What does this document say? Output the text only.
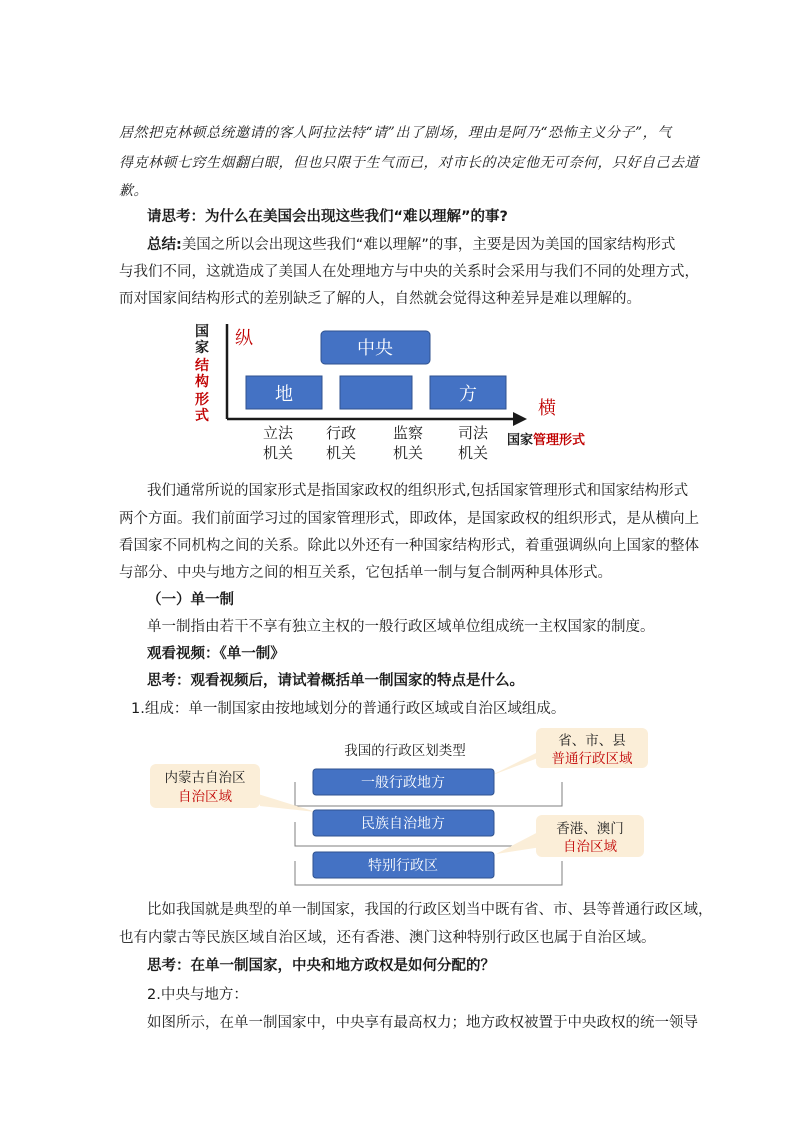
居然把克林顿总统邀请的客人阿拉法特“请”出了剧场，理由是阿乃“恐怖主义分子”，气
得克林顿七窍生烟翻白眼，但也只限于生气而已，对市长的决定他无可奈何，只好自己去道
歉。
请思考：为什么在美国会出现这些我们“难以理解”的事?
总结:美国之所以会出现这些我们“难以理解”的事，主要是因为美国的国家结构形式
与我们不同，这就造成了美国人在处理地方与中央的关系时会采用与我们不同的处理方式，
而对国家间结构形式的差别缺乏了解的人，自然就会觉得这种差异是难以理解的。
国
家
结
构
形
式
纵
横
中央
地	方
立法
机关
行政
机关
监察
机关
司法
机关
国家管理形式
我们通常所说的国家形式是指国家政权的组织形式,包括国家管理形式和国家结构形式
两个方面。我们前面学习过的国家管理形式，即政体，是国家政权的组织形式，是从横向上
看国家不同机构之间的关系。除此以外还有一种国家结构形式，着重强调纵向上国家的整体
与部分、中央与地方之间的相互关系，它包括单一制与复合制两种具体形式。
（一）单一制
单一制指由若干不享有独立主权的一般行政区域单位组成统一主权国家的制度。
观看视频：《单一制》
思考：观看视频后，请试着概括单一制国家的特点是什么。
1.组成：单一制国家由按地域划分的普通行政区域或自治区域组成。
我国的行政区划类型
一般行政地方
民族自治地方
特别行政区
内蒙古自治区
自治区域
省、市、县
普通行政区域
香港、澳门
自治区域
比如我国就是典型的单一制国家，我国的行政区划当中既有省、市、县等普通行政区域，
也有内蒙古等民族区域自治区域，还有香港、澳门这种特别行政区也属于自治区域。
思考：在单一制国家，中央和地方政权是如何分配的？
2.中央与地方：
如图所示，在单一制国家中，中央享有最高权力；地方政权被置于中央政权的统一领导
